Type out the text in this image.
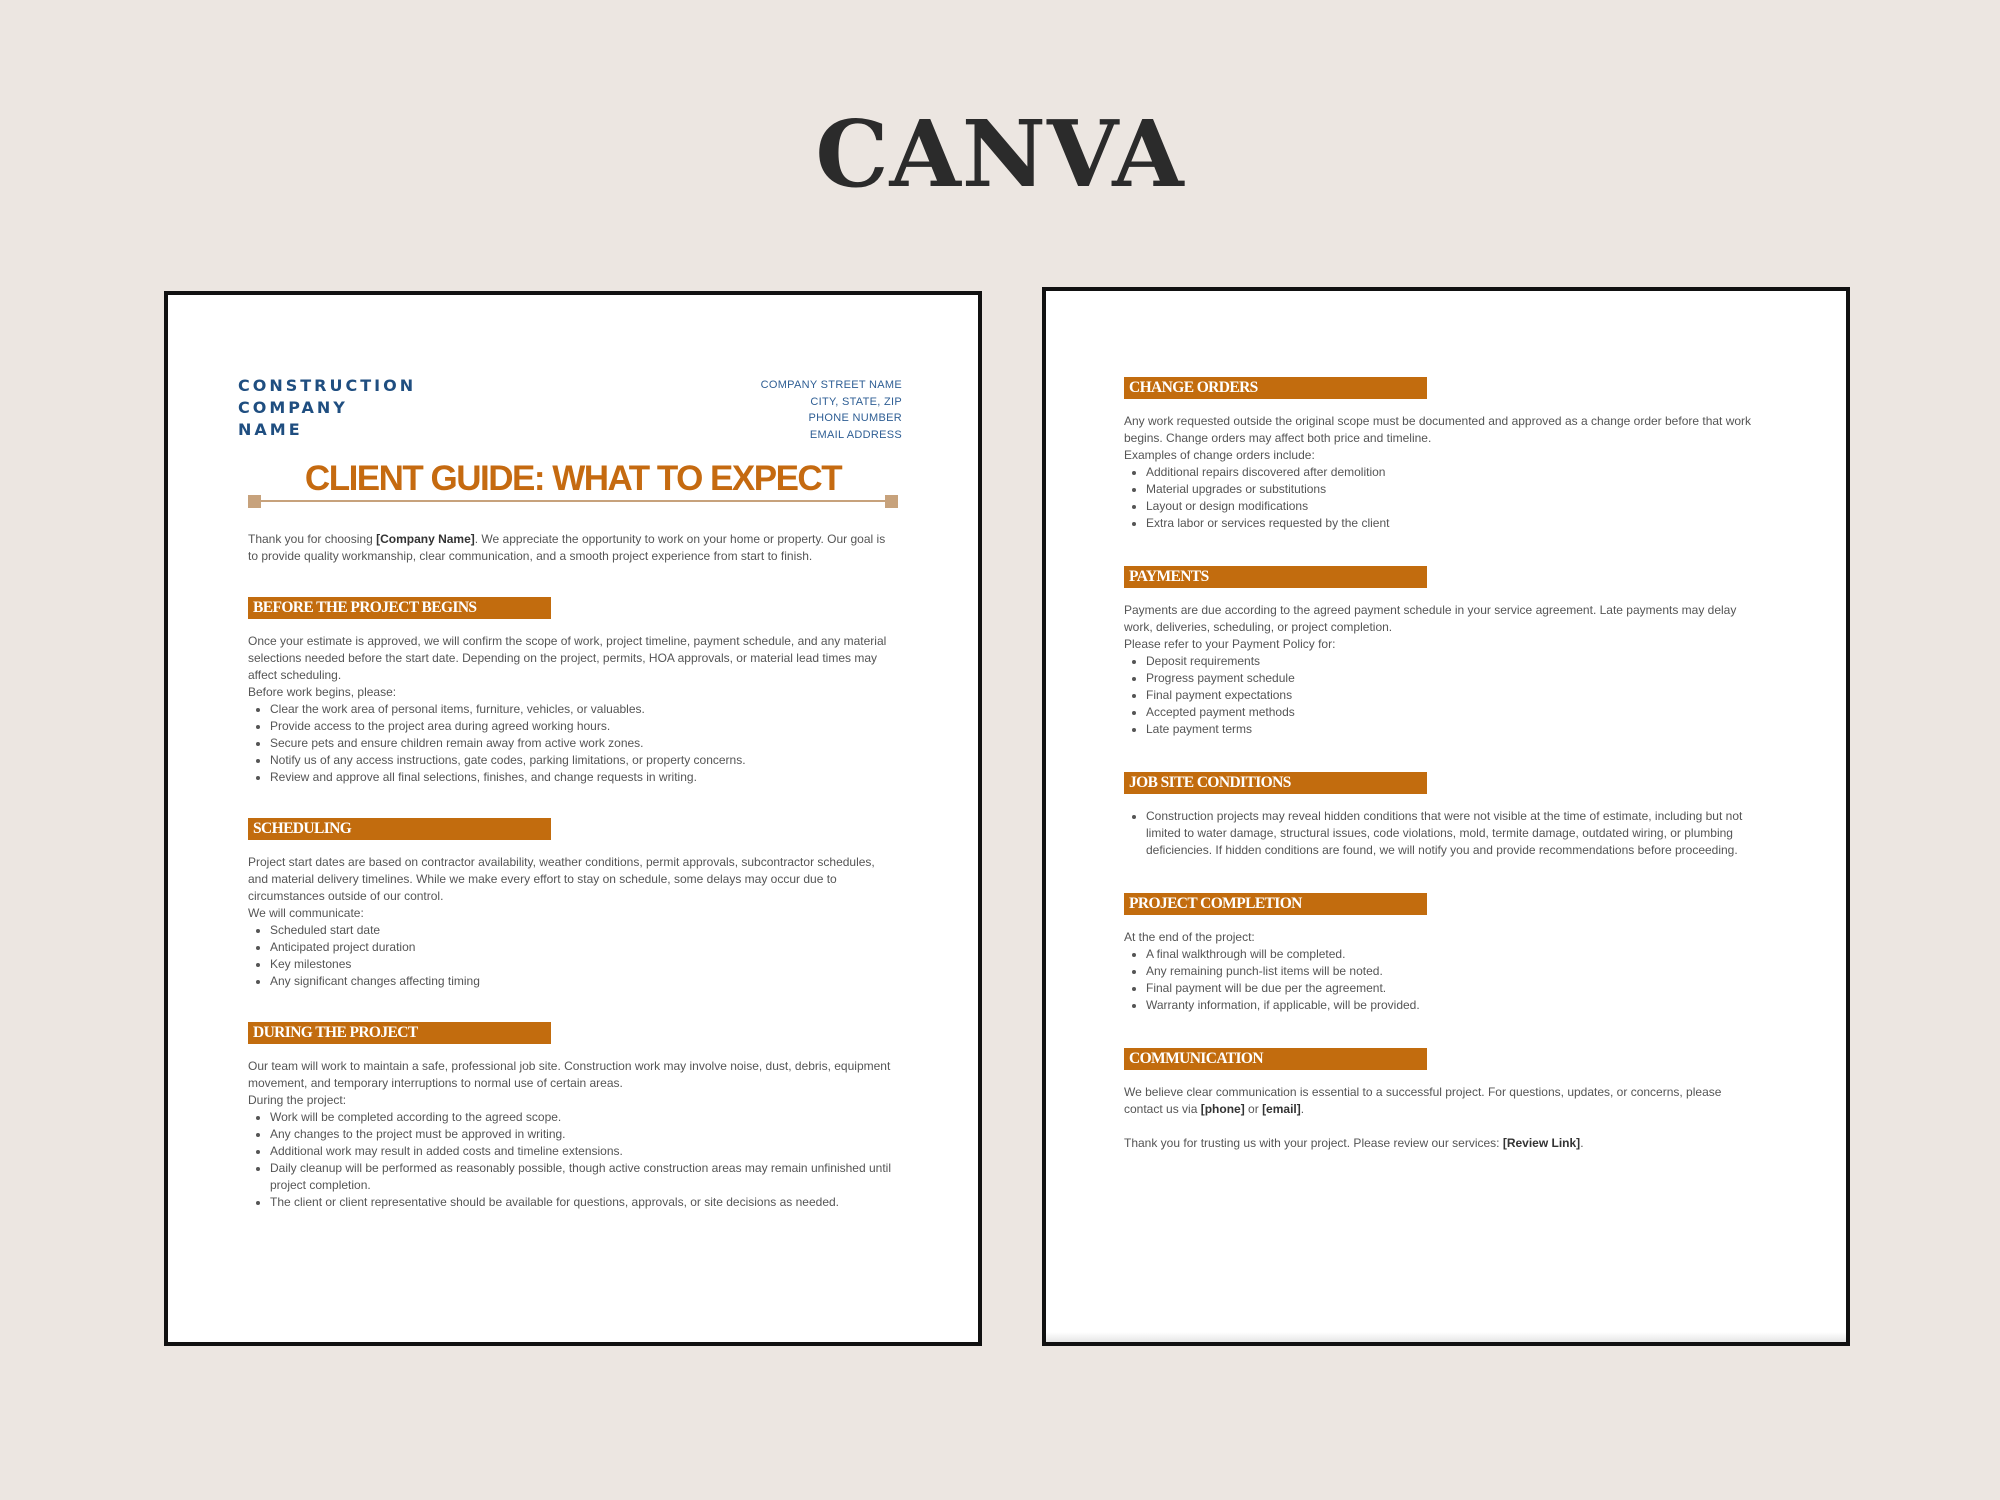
CANVA
CONSTRUCTION
COMPANY
NAME
COMPANY STREET NAME
CITY, STATE, ZIP
PHONE NUMBER
EMAIL ADDRESS
CLIENT GUIDE: WHAT TO EXPECT

Thank you for choosing [Company Name]. We appreciate the opportunity to work on your home or property. Our goal is to provide quality workmanship, clear communication, and a smooth project experience from start to finish.

BEFORE THE PROJECT BEGINS

Once your estimate is approved, we will confirm the scope of work, project timeline, payment schedule, and any material selections needed before the start date. Depending on the project, permits, HOA approvals, or material lead times may affect scheduling.

Before work begins, please:

• Clear the work area of personal items, furniture, vehicles, or valuables.
• Provide access to the project area during agreed working hours.
• Secure pets and ensure children remain away from active work zones.
• Notify us of any access instructions, gate codes, parking limitations, or property concerns.
• Review and approve all final selections, finishes, and change requests in writing.
SCHEDULING

Project start dates are based on contractor availability, weather conditions, permit approvals, subcontractor schedules, and material delivery timelines. While we make every effort to stay on schedule, some delays may occur due to circumstances outside of our control.

We will communicate:

• Scheduled start date
• Anticipated project duration
• Key milestones
• Any significant changes affecting timing
DURING THE PROJECT

Our team will work to maintain a safe, professional job site. Construction work may involve noise, dust, debris, equipment movement, and temporary interruptions to normal use of certain areas.

During the project:

• Work will be completed according to the agreed scope.
• Any changes to the project must be approved in writing.
• Additional work may result in added costs and timeline extensions.
• Daily cleanup will be performed as reasonably possible, though active construction areas may remain unfinished until project completion.
• The client or client representative should be available for questions, approvals, or site decisions as needed.
CHANGE ORDERS

Any work requested outside the original scope must be documented and approved as a change order before that work begins. Change orders may affect both price and timeline.

Examples of change orders include:

• Additional repairs discovered after demolition
• Material upgrades or substitutions
• Layout or design modifications
• Extra labor or services requested by the client
PAYMENTS

Payments are due according to the agreed payment schedule in your service agreement. Late payments may delay work, deliveries, scheduling, or project completion.

Please refer to your Payment Policy for:

• Deposit requirements
• Progress payment schedule
• Final payment expectations
• Accepted payment methods
• Late payment terms
JOB SITE CONDITIONS
• Construction projects may reveal hidden conditions that were not visible at the time of estimate, including but not limited to water damage, structural issues, code violations, mold, termite damage, outdated wiring, or plumbing deficiencies. If hidden conditions are found, we will notify you and provide recommendations before proceeding.
PROJECT COMPLETION

At the end of the project:

• A final walkthrough will be completed.
• Any remaining punch-list items will be noted.
• Final payment will be due per the agreement.
• Warranty information, if applicable, will be provided.
COMMUNICATION

We believe clear communication is essential to a successful project. For questions, updates, or concerns, please contact us via [phone] or [email].

Thank you for trusting us with your project. Please review our services: [Review Link].
